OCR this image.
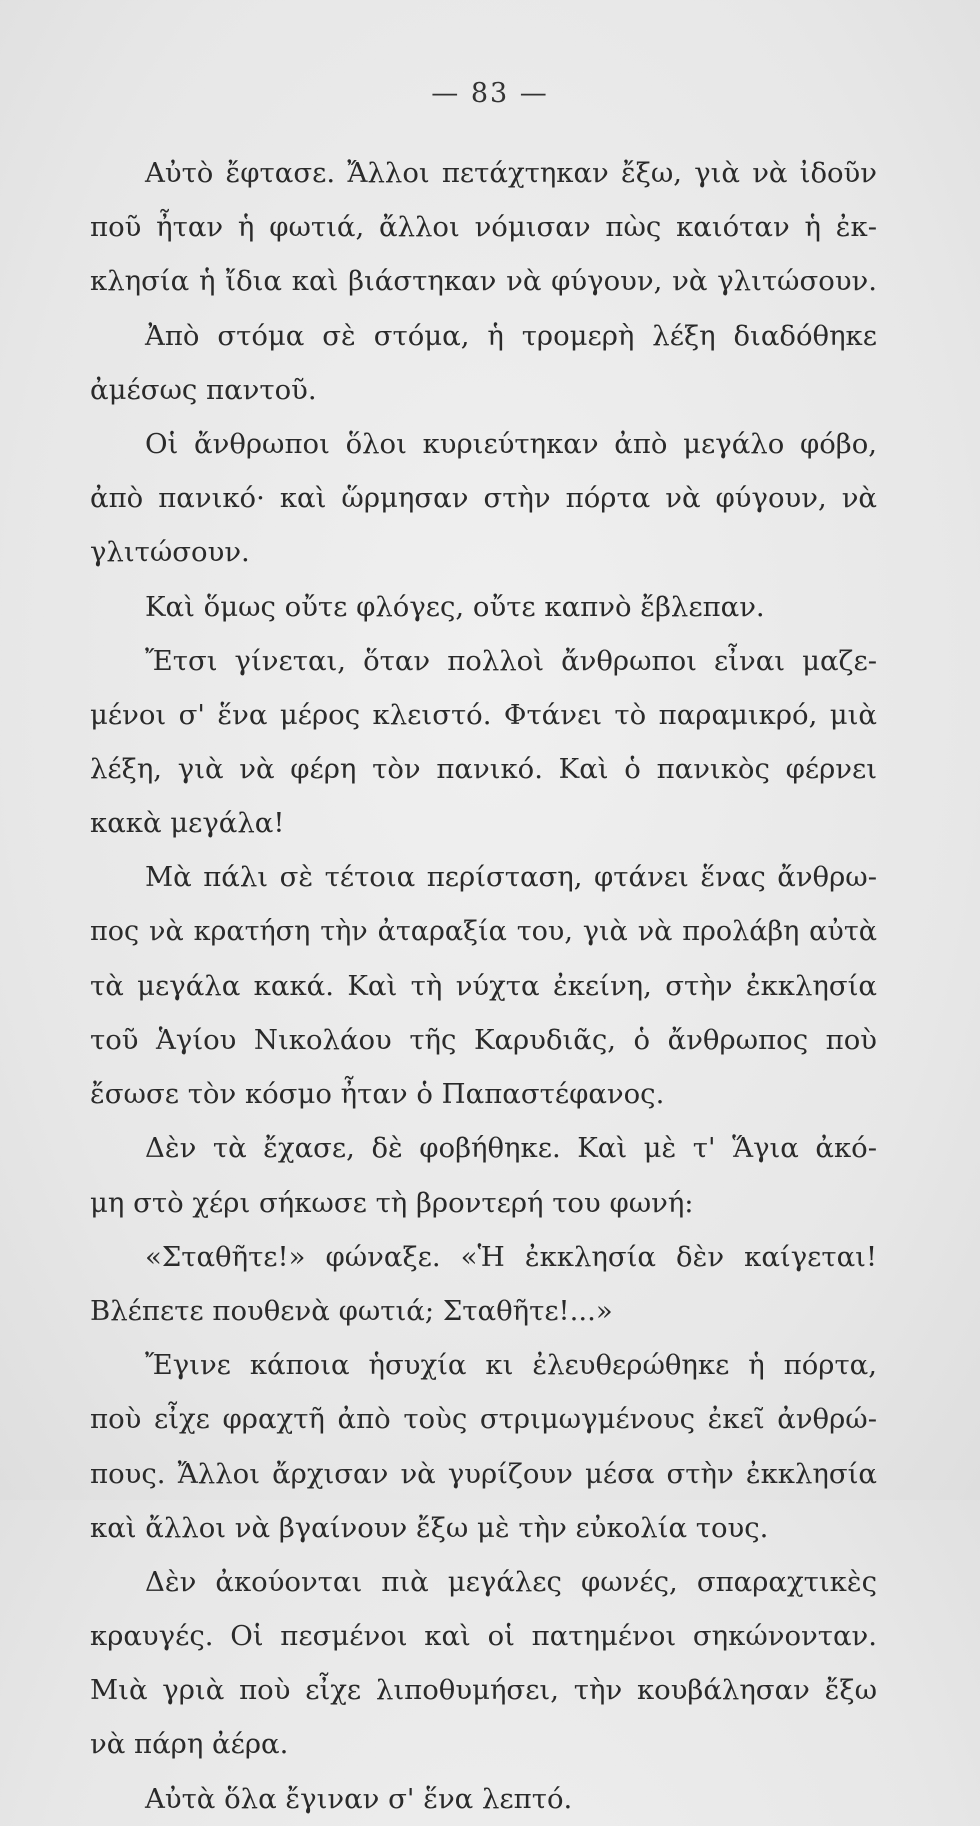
— 83 —
Αὐτὸ ἔφτασε. Ἄλλοι πετάχτηκαν ἔξω, γιὰ νὰ ἰδοῦν
ποῦ ἦταν ἡ φωτιά, ἄλλοι νόμισαν πὼς καιόταν ἡ ἐκ-
κλησία ἡ ἴδια καὶ βιάστηκαν νὰ φύγουν, νὰ γλιτώσουν.
Ἀπὸ στόμα σὲ στόμα, ἡ τρομερὴ λέξη διαδόθηκε
ἀμέσως παντοῦ.
Οἱ ἄνθρωποι ὅλοι κυριεύτηκαν ἀπὸ μεγάλο φόβο,
ἀπὸ πανικό· καὶ ὥρμησαν στὴν πόρτα νὰ φύγουν, νὰ
γλιτώσουν.
Καὶ ὅμως οὔτε φλόγες, οὔτε καπνὸ ἔβλεπαν.
Ἔτσι γίνεται, ὅταν πολλοὶ ἄνθρωποι εἶναι μαζε-
μένοι σ' ἕνα μέρος κλειστό. Φτάνει τὸ παραμικρό, μιὰ
λέξη, γιὰ νὰ φέρη τὸν πανικό. Καὶ ὁ πανικὸς φέρνει
κακὰ μεγάλα!
Μὰ πάλι σὲ τέτοια περίσταση, φτάνει ἕνας ἄνθρω-
πος νὰ κρατήση τὴν ἀταραξία του, γιὰ νὰ προλάβη αὐτὰ
τὰ μεγάλα κακά. Καὶ τὴ νύχτα ἐκείνη, στὴν ἐκκλησία
τοῦ Ἁγίου Νικολάου τῆς Καρυδιᾶς, ὁ ἄνθρωπος ποὺ
ἔσωσε τὸν κόσμο ἦταν ὁ Παπαστέφανος.
Δὲν τὰ ἔχασε, δὲ φοβήθηκε. Καὶ μὲ τ' Ἅγια ἀκό-
μη στὸ χέρι σήκωσε τὴ βροντερή του φωνή:
«Σταθῆτε!» φώναξε. «Ἡ ἐκκλησία δὲν καίγεται!
Βλέπετε πουθενὰ φωτιά; Σταθῆτε!...»
Ἔγινε κάποια ἡσυχία κι ἐλευθερώθηκε ἡ πόρτα,
ποὺ εἶχε φραχτῆ ἀπὸ τοὺς στριμωγμένους ἐκεῖ ἀνθρώ-
πους. Ἄλλοι ἄρχισαν νὰ γυρίζουν μέσα στὴν ἐκκλησία
καὶ ἄλλοι νὰ βγαίνουν ἔξω μὲ τὴν εὐκολία τους.
Δὲν ἀκούονται πιὰ μεγάλες φωνές, σπαραχτικὲς
κραυγές. Οἱ πεσμένοι καὶ οἱ πατημένοι σηκώνονταν.
Μιὰ γριὰ ποὺ εἶχε λιποθυμήσει, τὴν κουβάλησαν ἔξω
νὰ πάρη ἀέρα.
Αὐτὰ ὅλα ἔγιναν σ' ἕνα λεπτό.
